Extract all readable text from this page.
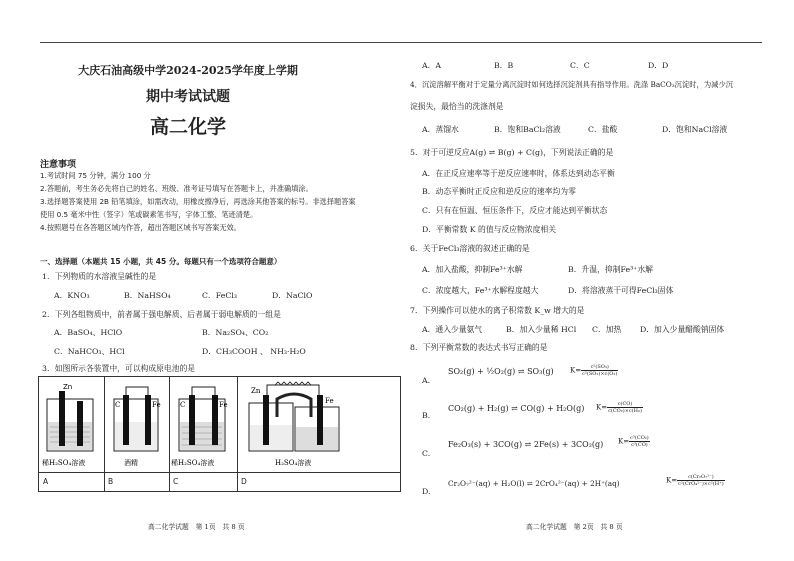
大庆石油高级中学2024-2025学年度上学期
期中考试试题
高二化学
注意事项
1.考试时间 75 分钟，满分 100 分
2.答题前，考生务必先将自己的姓名、班级、准考证号填写在答题卡上，并准确填涂。
3.选择题答案使用 2B 铅笔填涂，如需改动，用橡皮擦净后，再选涂其他答案的标号。非选择题答案
使用 0.5 毫米中性（签字）笔或碳素笔书写，字体工整、笔迹清楚。
4.按照题号在各答题区域内作答，超出答题区域书写答案无效。
一、选择题（本题共 15 小题，共 45 分。每题只有一个选项符合题意）
1．下列物质的水溶液呈碱性的是
A．KNO₃	B．NaHSO₄	C．FeCl₃	D．NaClO
2．下列各组物质中，前者属于强电解质、后者属于弱电解质的一组是
A．BaSO₄、HClO	B．Na₂SO₄、CO₂
C．NaHCO₃、HCl	D．CH₃COOH 、 NH₃·H₂O
3．如图所示各装置中，可以构成原电池的是
Zn
稀H₂SO₄溶液
A
C	Fe
酒精
B
C	Fe
稀H₂SO₄溶液
C
Zn
Fe
H₂SO₄溶液
D
高二化学试题　第 1页　共 8 页
A．A	B．B	C．C	D．D
4．沉淀溶解平衡对于定量分离沉淀时如何选择沉淀剂具有指导作用。洗涤 BaCO₃沉淀时，为减少沉
淀损失，最恰当的洗涤剂是
A．蒸馏水	B．饱和BaCl₂溶液	C．盐酸	D．饱和NaCl溶液
5．对于可逆反应A(g) ⇌ B(g) + C(g)，下列说法正确的是
A．在正反应速率等于逆反应速率时，体系达到动态平衡
B．动态平衡时正反应和逆反应的速率均为零
C．只有在恒温、恒压条件下，反应才能达到平衡状态
D．平衡常数 K 的值与反应物浓度相关
6．关于FeCl₃溶液的叙述正确的是
A．加入盐酸，抑制Fe³⁺水解	B．升温，抑制Fe³⁺水解
C．浓度越大，Fe³⁺水解程度越大	D．将溶液蒸干可得FeCl₃固体
7．下列操作可以使水的离子积常数 K_w 增大的是
A．通入少量氨气	B．加入少量稀 HCl C．加热 D．加入少量醋酸钠固体
8．下列平衡常数的表达式书写正确的是
A.
SO₂(g) + ½O₂(g) ⇌ SO₃(g) $K= \frac{\text{c²(SO₃)}}{\text{c²(SO₂)×c(O₂)}}$
B.
CO₂(g) + H₂(g) ⇌ CO(g) + H₂O(g) $K= \frac{c(CO)}{\text{c(CO₂)×c(H₂)}}$
C.
Fe₂O₃(s) + 3CO(g) ⇌ 2Fe(s) + 3CO₂(g) $K= \frac{\text{c³(CO₂)}}{\text{c³(CO)}}$
D.
Cr₂O₇²⁻(aq) + H₂O(l) ⇌ 2CrO₄²⁻(aq) + 2H⁺(aq)	$K= \frac{\text{c(Cr₂O₇²⁻)}}{\text{c²(CrO₄²⁻)×c²(H⁺)}}$
高二化学试题　第 2页　共 8 页
